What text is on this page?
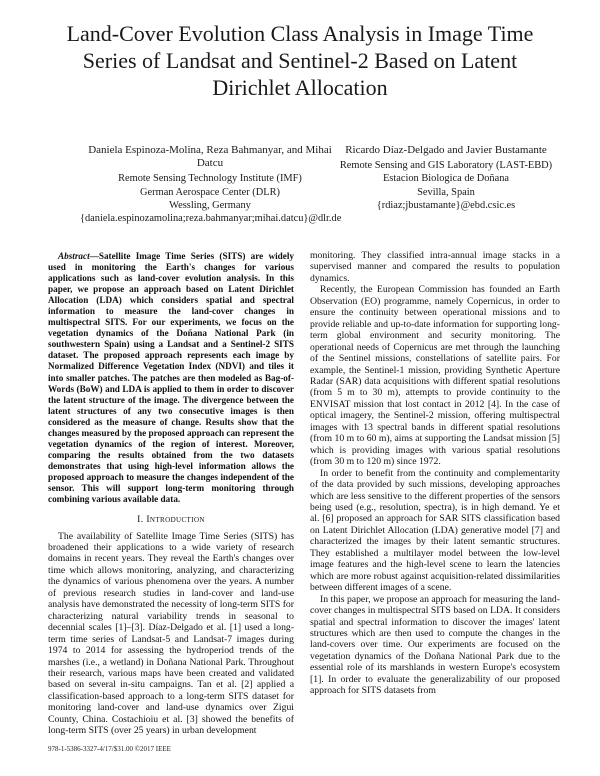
Land-Cover Evolution Class Analysis in Image Time Series of Landsat and Sentinel-2 Based on Latent Dirichlet Allocation
Daniela Espinoza-Molina, Reza Bahmanyar, and Mihai Datcu
Remote Sensing Technology Institute (IMF)
German Aerospace Center (DLR)
Wessling, Germany
{daniela.espinozamolina;reza.bahmanyar;mihai.datcu}@dlr.de
Ricardo Díaz-Delgado and Javier Bustamante
Remote Sensing and GIS Laboratory (LAST-EBD)
Estacion Biologica de Doñana
Sevilla, Spain
{rdiaz;jbustamante}@ebd.csic.es

Abstract—Satellite Image Time Series (SITS) are widely used in monitoring the Earth's changes for various applications such as land-cover evolution analysis. In this paper, we propose an approach based on Latent Dirichlet Allocation (LDA) which considers spatial and spectral information to measure the land-cover changes in multispectral SITS. For our experiments, we focus on the vegetation dynamics of the Doñana National Park (in southwestern Spain) using a Landsat and a Sentinel-2 SITS dataset. The proposed approach represents each image by Normalized Difference Vegetation Index (NDVI) and tiles it into smaller patches. The patches are then modeled as Bag-of-Words (BoW) and LDA is applied to them in order to discover the latent structure of the image. The divergence between the latent structures of any two consecutive images is then considered as the measure of change. Results show that the changes measured by the proposed approach can represent the vegetation dynamics of the region of interest. Moreover, comparing the results obtained from the two datasets demonstrates that using high-level information allows the proposed approach to measure the changes independent of the sensor. This will support long-term monitoring through combining various available data.

I. Introduction

The availability of Satellite Image Time Series (SITS) has broadened their applications to a wide variety of research domains in recent years. They reveal the Earth's changes over time which allows monitoring, analyzing, and characterizing the dynamics of various phenomena over the years. A number of previous research studies in land-cover and land-use analysis have demonstrated the necessity of long-term SITS for characterizing natural variability trends in seasonal to decennial scales [1]–[3]. Díaz-Delgado et al. [1] used a long-term time series of Landsat-5 and Landsat-7 images during 1974 to 2014 for assessing the hydroperiod trends of the marshes (i.e., a wetland) in Doñana National Park. Throughout their research, various maps have been created and validated based on several in-situ campaigns. Tan et al. [2] applied a classification-based approach to a long-term SITS dataset for monitoring land-cover and land-use dynamics over Zigui County, China. Costachioiu et al. [3] showed the benefits of long-term SITS (over 25 years) in urban development

monitoring. They classified intra-annual image stacks in a supervised manner and compared the results to population dynamics.

Recently, the European Commission has founded an Earth Observation (EO) programme, namely Copernicus, in order to ensure the continuity between operational missions and to provide reliable and up-to-date information for supporting long-term global environment and security monitoring. The operational needs of Copernicus are met through the launching of the Sentinel missions, constellations of satellite pairs. For example, the Sentinel-1 mission, providing Synthetic Aperture Radar (SAR) data acquisitions with different spatial resolutions (from 5 m to 30 m), attempts to provide continuity to the ENVISAT mission that lost contact in 2012 [4]. In the case of optical imagery, the Sentinel-2 mission, offering multispectral images with 13 spectral bands in different spatial resolutions (from 10 m to 60 m), aims at supporting the Landsat mission [5] which is providing images with various spatial resolutions (from 30 m to 120 m) since 1972.

In order to benefit from the continuity and complementarity of the data provided by such missions, developing approaches which are less sensitive to the different properties of the sensors being used (e.g., resolution, spectra), is in high demand. Ye et al. [6] proposed an approach for SAR SITS classification based on Latent Dirichlet Allocation (LDA) generative model [7] and characterized the images by their latent semantic structures. They established a multilayer model between the low-level image features and the high-level scene to learn the latencies which are more robust against acquisition-related dissimilarities between different images of a scene.

In this paper, we propose an approach for measuring the land-cover changes in multispectral SITS based on LDA. It considers spatial and spectral information to discover the images' latent structures which are then used to compute the changes in the land-covers over time. Our experiments are focused on the vegetation dynamics of the Doñana National Park due to the essential role of its marshlands in western Europe's ecosystem [1]. In order to evaluate the generalizability of our proposed approach for SITS datasets from

978-1-5386-3327-4/17/$31.00 ©2017 IEEE
